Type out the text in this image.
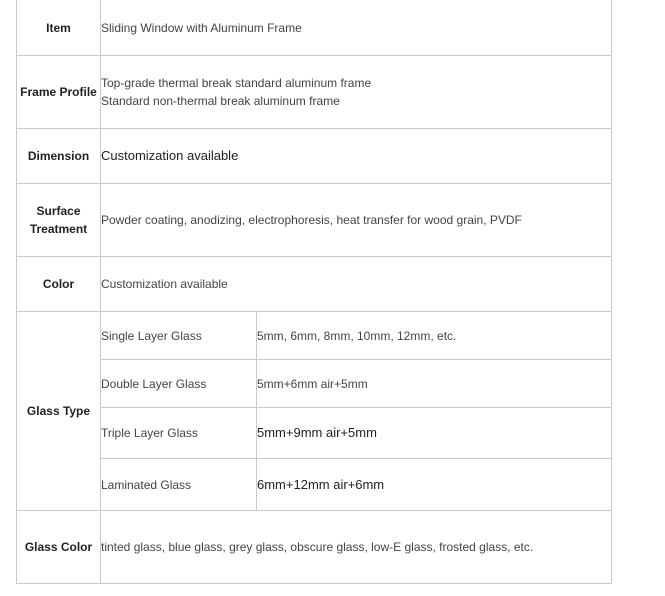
Item	Sliding Window with Aluminum Frame	
Frame Profile	Top-grade thermal break standard aluminum frame
Standard non-thermal break aluminum frame	

Dimension	Customization available	

Surface
Treatment	Powder coating, anodizing, electrophoresis, heat transfer for wood grain, PVDF	
Color	Customization available	
Glass Type	Single Layer Glass	5mm, 6mm, 8mm, 10mm, 12mm, etc.
	Double Layer Glass	5mm+6mm air+5mm
	Triple Layer Glass	5mm+9mm air+5mm
	Laminated Glass	6mm+12mm air+6mm
Glass Color	tinted glass, blue glass, grey glass, obscure glass, low-E glass, frosted glass, etc.	
